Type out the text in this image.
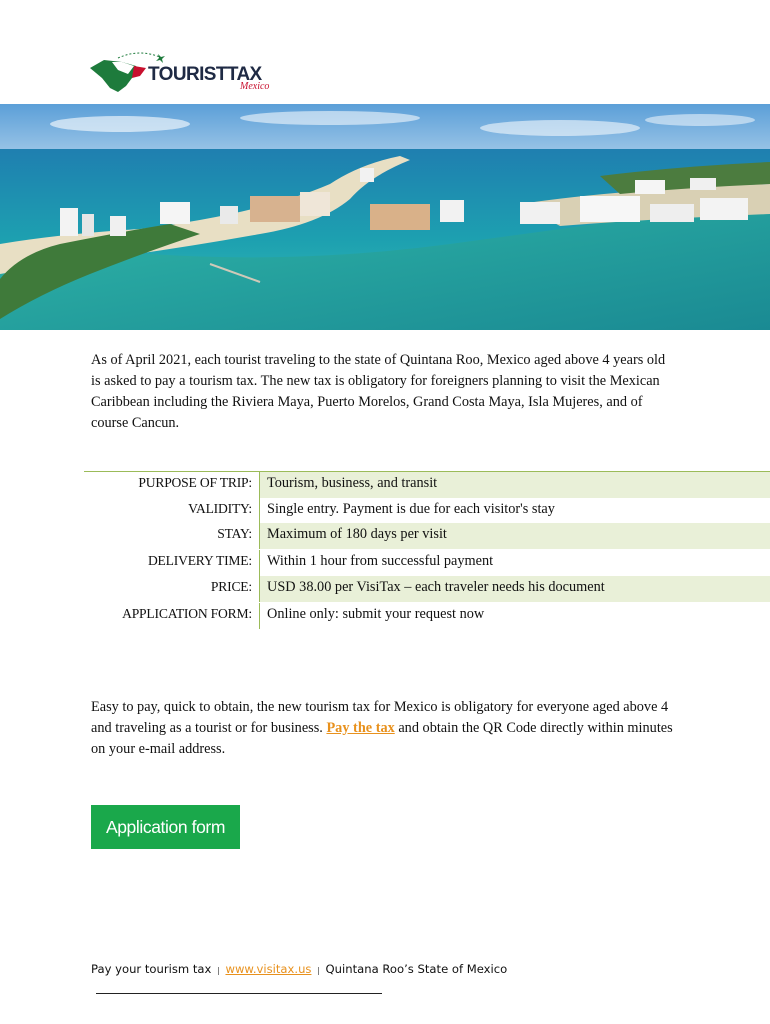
TOURISTTAX
Mexico

As of April 2021, each tourist traveling to the state of Quintana Roo, Mexico aged above 4 years old is asked to pay a tourism tax. The new tax is obligatory for foreigners planning to visit the Mexican Caribbean including the Riviera Maya, Puerto Morelos, Grand Costa Maya, Isla Mujeres, and of course Cancun.

PURPOSE OF TRIP:	Tourism, business, and transit
VALIDITY:	Single entry. Payment is due for each visitor's stay
STAY:	Maximum of 180 days per visit
DELIVERY TIME:	Within 1 hour from successful payment
PRICE:	USD 38.00 per VisiTax – each traveler needs his document
APPLICATION FORM:	Online only: submit your request now

Easy to pay, quick to obtain, the new tourism tax for Mexico is obligatory for everyone aged above 4 and traveling as a tourist or for business. Pay the tax and obtain the QR Code directly within minutes on your e-mail address.

Application form
Pay your tourism tax | www.visitax.us | Quintana Roo’s State of Mexico
